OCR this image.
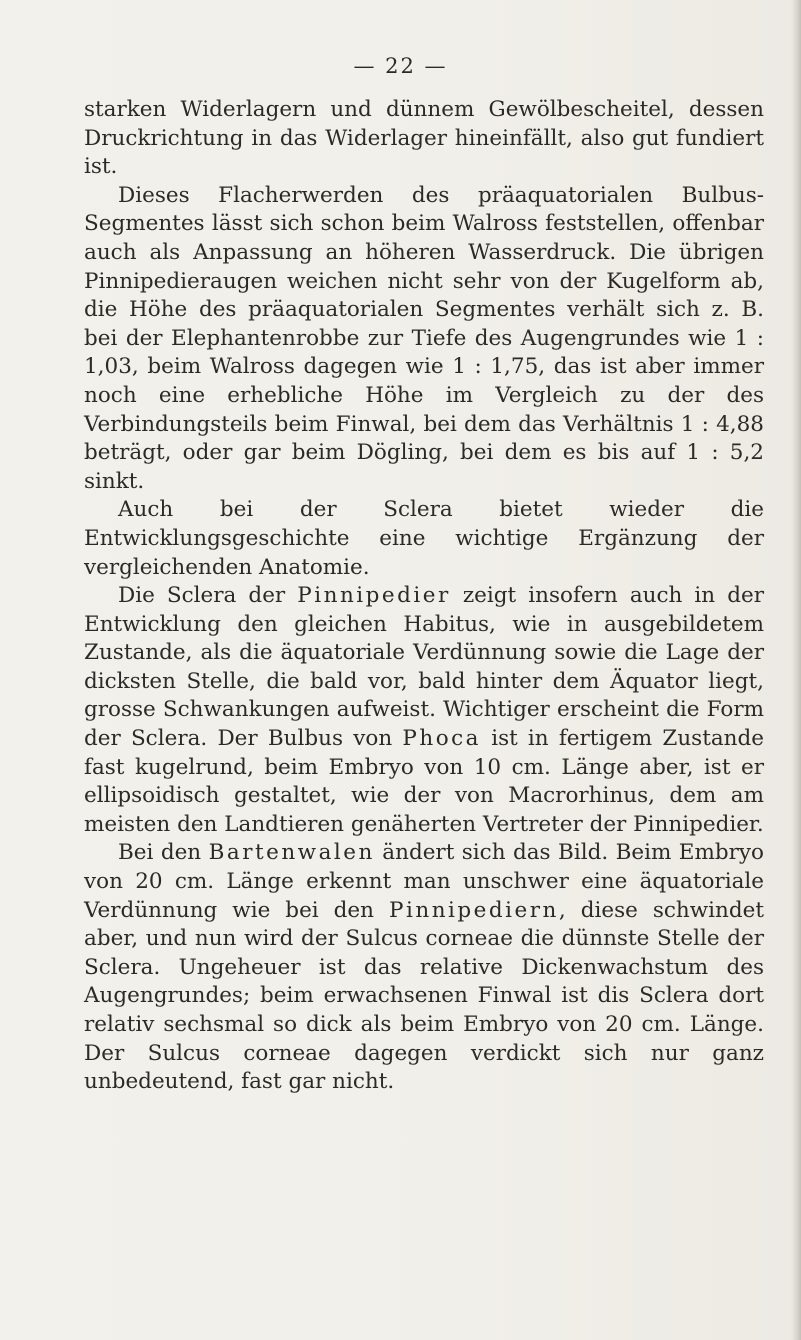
— 22 —

starken Widerlagern und dünnem Gewölbescheitel, dessen Druckrichtung in das Widerlager hineinfällt, also gut fundiert ist.

Dieses Flacherwerden des präaquatorialen Bulbus-Segmentes lässt sich schon beim Walross feststellen, offenbar auch als Anpassung an höheren Wasserdruck. Die übrigen Pinnipedieraugen weichen nicht sehr von der Kugelform ab, die Höhe des präaquatorialen Segmentes verhält sich z. B. bei der Elephantenrobbe zur Tiefe des Augengrundes wie 1 : 1,03, beim Walross dagegen wie 1 : 1,75, das ist aber immer noch eine erhebliche Höhe im Vergleich zu der des Verbindungsteils beim Finwal, bei dem das Verhältnis 1 : 4,88 beträgt, oder gar beim Dögling, bei dem es bis auf 1 : 5,2 sinkt.

Auch bei der Sclera bietet wieder die Entwicklungsgeschichte eine wichtige Ergänzung der vergleichenden Anatomie.

Die Sclera der Pinnipedier zeigt insofern auch in der Entwicklung den gleichen Habitus, wie in ausgebildetem Zustande, als die äquatoriale Verdünnung sowie die Lage der dicksten Stelle, die bald vor, bald hinter dem Äquator liegt, grosse Schwankungen aufweist. Wichtiger erscheint die Form der Sclera. Der Bulbus von Phoca ist in fertigem Zustande fast kugelrund, beim Embryo von 10 cm. Länge aber, ist er ellipsoidisch gestaltet, wie der von Macrorhinus, dem am meisten den Landtieren genäherten Vertreter der Pinnipedier.

Bei den Bartenwalen ändert sich das Bild. Beim Embryo von 20 cm. Länge erkennt man unschwer eine äquatoriale Verdünnung wie bei den Pinnipediern, diese schwindet aber, und nun wird der Sulcus corneae die dünnste Stelle der Sclera. Ungeheuer ist das relative Dickenwachstum des Augengrundes; beim erwachsenen Finwal ist dis Sclera dort relativ sechsmal so dick als beim Embryo von 20 cm. Länge. Der Sulcus corneae dagegen verdickt sich nur ganz unbedeutend, fast gar nicht.
